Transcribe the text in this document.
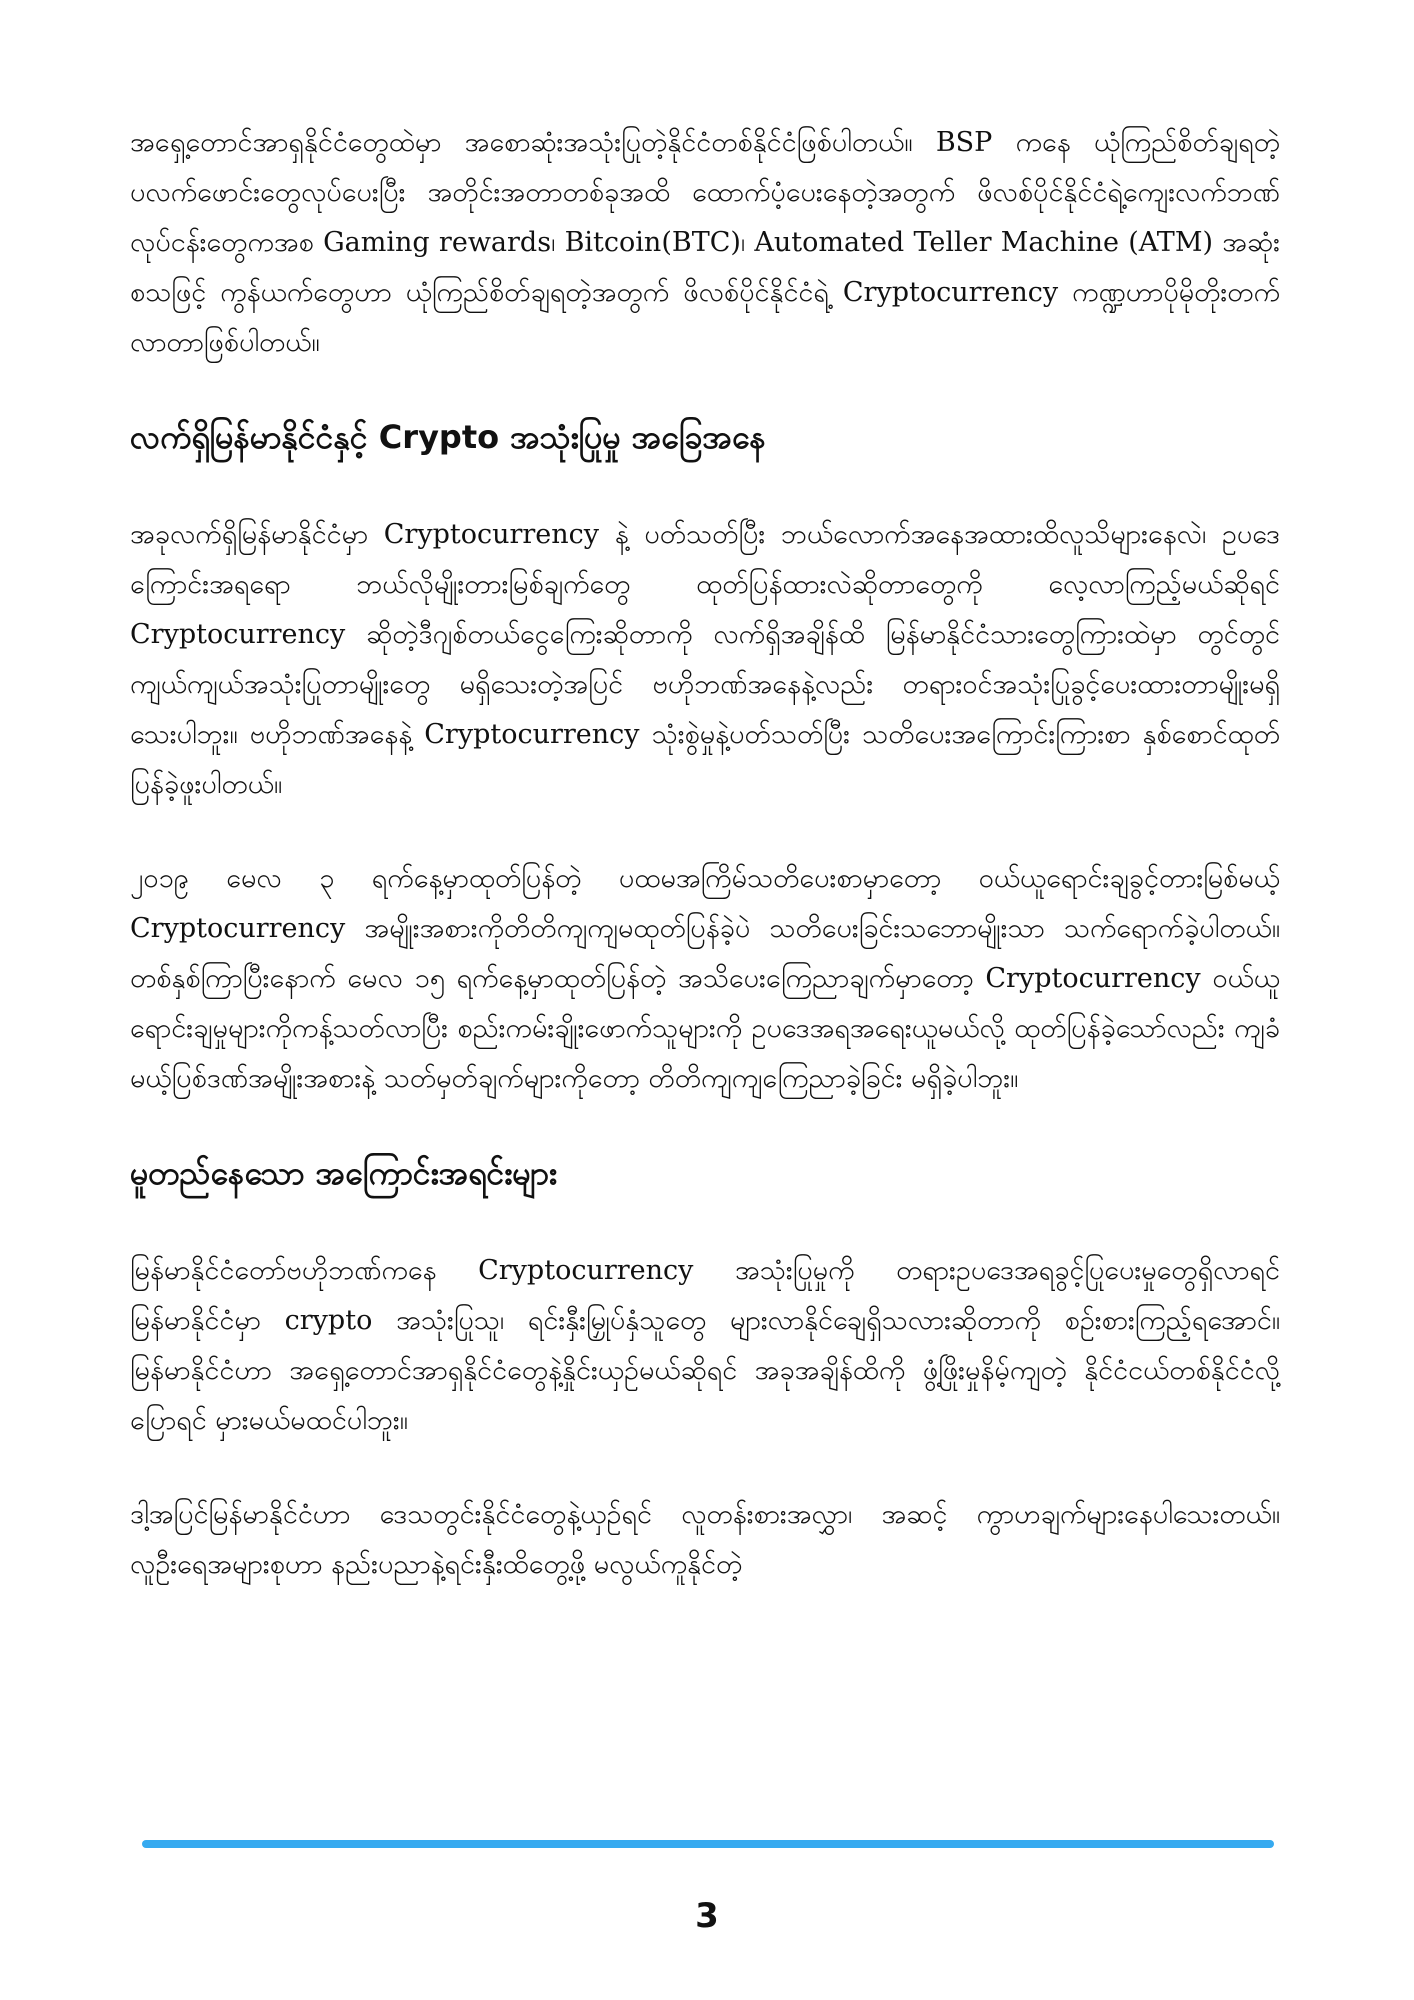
အရှေ့တောင်အာရှနိုင်ငံတွေထဲမှာ အစောဆုံးအသုံးပြုတဲ့နိုင်ငံတစ်နိုင်ငံဖြစ်ပါတယ်။ BSP ကနေ ယုံကြည်စိတ်ချရတဲ့ ပလက်ဖောင်းတွေလုပ်ပေးပြီး အတိုင်းအတာတစ်ခုအထိ ထောက်ပံ့ပေးနေတဲ့အတွက် ဖိလစ်ပိုင်နိုင်ငံရဲ့ကျေးလက်ဘဏ်လုပ်ငန်းတွေကအစ Gaming rewards၊ Bitcoin(BTC)၊ Automated Teller Machine (ATM) အဆုံး စသဖြင့် ကွန်ယက်တွေဟာ ယုံကြည်စိတ်ချရတဲ့အတွက် ဖိလစ်ပိုင်နိုင်ငံရဲ့ Cryptocurrency ကဏ္ဍဟာပိုမိုတိုးတက် လာတာဖြစ်ပါတယ်။

လက်ရှိမြန်မာနိုင်ငံနှင့် Crypto အသုံးပြုမှု အခြေအနေ

အခုလက်ရှိမြန်မာနိုင်ငံမှာ Cryptocurrency နဲ့ ပတ်သတ်ပြီး ဘယ်လောက်အနေအထားထိလူသိများနေလဲ၊ ဥပဒေကြောင်းအရရော ဘယ်လိုမျိုးတားမြစ်ချက်တွေ ထုတ်ပြန်ထားလဲဆိုတာတွေကို လေ့လာကြည့်မယ်ဆိုရင် Cryptocurrency ဆိုတဲ့ဒီဂျစ်တယ်ငွေကြေးဆိုတာကို လက်ရှိအချိန်ထိ မြန်မာနိုင်ငံသားတွေကြားထဲမှာ တွင်တွင်ကျယ်ကျယ်အသုံးပြုတာမျိုးတွေ မရှိသေးတဲ့အပြင် ဗဟိုဘဏ်အနေနဲ့လည်း တရားဝင်အသုံးပြုခွင့်ပေးထားတာမျိုးမရှိသေးပါဘူး။ ဗဟိုဘဏ်အနေနဲ့ Cryptocurrency သုံးစွဲမှုနဲ့ပတ်သတ်ပြီး သတိပေးအကြောင်းကြားစာ နှစ်စောင်ထုတ်ပြန်ခဲ့ဖူးပါတယ်။

၂၀၁၉ မေလ ၃ ရက်နေ့မှာထုတ်ပြန်တဲ့ ပထမအကြိမ်သတိပေးစာမှာတော့ ဝယ်ယူရောင်းချခွင့်တားမြစ်မယ့် Cryptocurrency အမျိုးအစားကိုတိတိကျကျမထုတ်ပြန်ခဲ့ပဲ သတိပေးခြင်းသဘောမျိုးသာ သက်ရောက်ခဲ့ပါတယ်။ တစ်နှစ်ကြာပြီးနောက် မေလ ၁၅ ရက်နေ့မှာထုတ်ပြန်တဲ့ အသိပေးကြေညာချက်မှာတော့ Cryptocurrency ဝယ်ယူရောင်းချမှုများကိုကန့်သတ်လာပြီး စည်းကမ်းချိုးဖောက်သူများကို ဥပဒေအရအရေးယူမယ်လို့ ထုတ်ပြန်ခဲ့သော်လည်း ကျခံမယ့်ပြစ်ဒဏ်အမျိုးအစားနဲ့ သတ်မှတ်ချက်များကိုတော့ တိတိကျကျကြေညာခဲ့ခြင်း မရှိခဲ့ပါဘူး။

မူတည်နေသော အကြောင်းအရင်းများ

မြန်မာနိုင်ငံတော်ဗဟိုဘဏ်ကနေ Cryptocurrency အသုံးပြုမှုကို တရားဥပဒေအရခွင့်ပြုပေးမှုတွေရှိလာရင် မြန်မာနိုင်ငံမှာ crypto အသုံးပြုသူ၊ ရင်းနှီးမြှုပ်နှံသူတွေ များလာနိုင်ချေရှိသလားဆိုတာကို စဉ်းစားကြည့်ရအောင်။ မြန်မာနိုင်ငံဟာ အရှေ့တောင်အာရှနိုင်ငံတွေနဲ့နှိုင်းယှဉ်မယ်ဆိုရင် အခုအချိန်ထိကို ဖွံ့ဖြိုးမှုနိမ့်ကျတဲ့ နိုင်ငံငယ်တစ်နိုင်ငံလို့ပြောရင် မှားမယ်မထင်ပါဘူး။

ဒါ့အပြင်မြန်မာနိုင်ငံဟာ ဒေသတွင်းနိုင်ငံတွေနဲ့ယှဉ်ရင် လူတန်းစားအလွှာ၊ အဆင့် ကွာဟချက်များနေပါသေးတယ်။ လူဦးရေအများစုဟာ နည်းပညာနဲ့ရင်းနှီးထိတွေ့ဖို့ မလွယ်ကူနိုင်တဲ့

3
